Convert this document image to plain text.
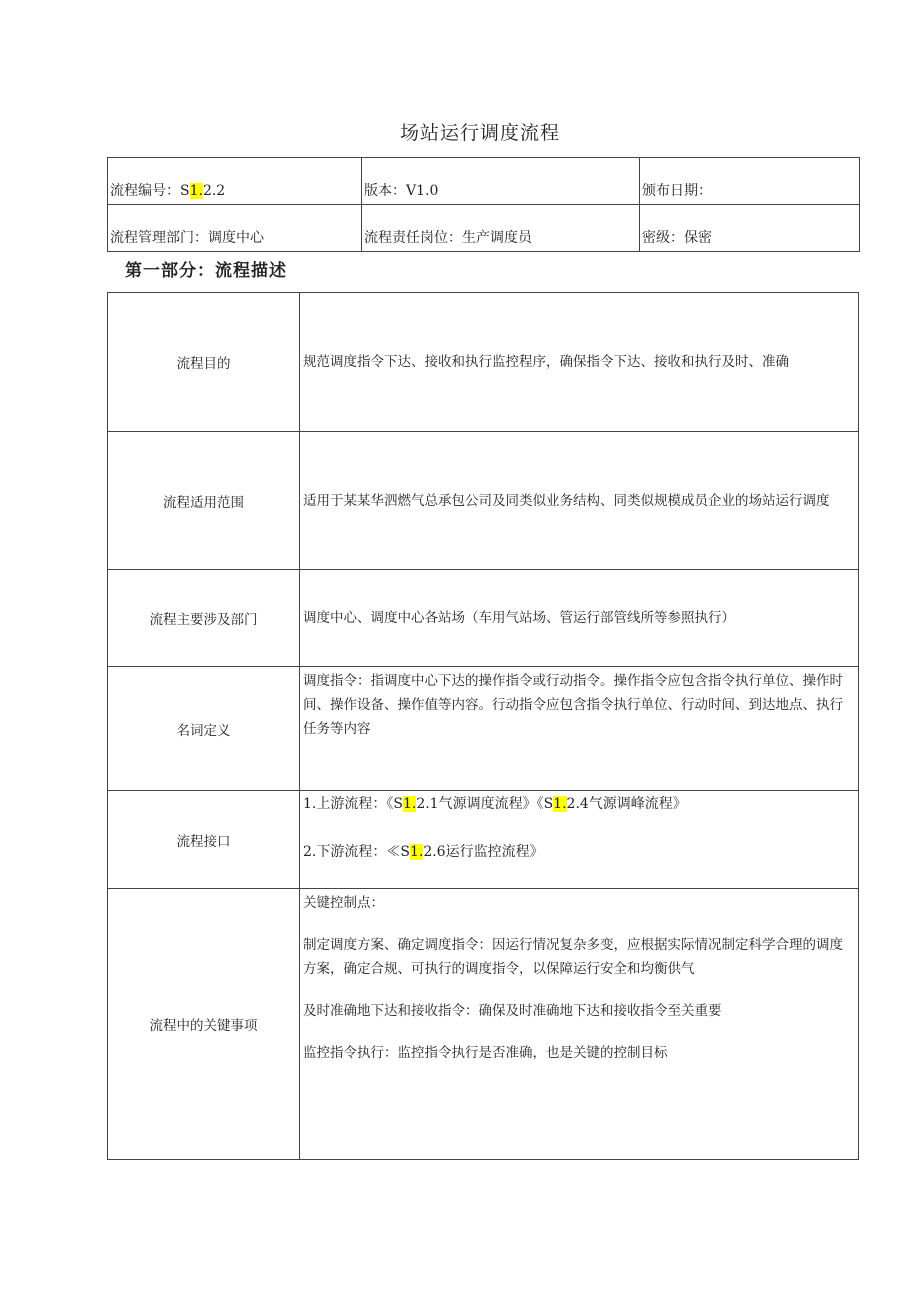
场站运行调度流程
流程编号：S1.2.2	版本：V1.0	颁布日期：
流程管理部门：调度中心	流程责任岗位：生产调度员	密级：保密
第一部分：流程描述
流程目的	规范调度指令下达、接收和执行监控程序，确保指令下达、接收和执行及时、准确

流程适用范围	适用于某某华泗燃气总承包公司及同类似业务结构、同类似规模成员企业的场站运行调度

流程主要涉及部门	调度中心、调度中心各站场（车用气站场、管运行部管线所等参照执行）

名词定义	调度指令：指调度中心下达的操作指令或行动指令。操作指令应包含指令执行单位、操作时间、操作设备、操作值等内容。行动指令应包含指令执行单位、行动时间、到达地点、执行任务等内容

流程接口	1.上游流程：《S1.2.1气源调度流程》《S1.2.4气源调峰流程》

2.下游流程：≪S1.2.6运行监控流程》

流程中的关键事项	关键控制点：

制定调度方案、确定调度指令：因运行情况复杂多变，应根据实际情况制定科学合理的调度方案，确定合规、可执行的调度指令，以保障运行安全和均衡供气

及时准确地下达和接收指令：确保及时准确地下达和接收指令至关重要

监控指令执行：监控指令执行是否准确，也是关键的控制目标
